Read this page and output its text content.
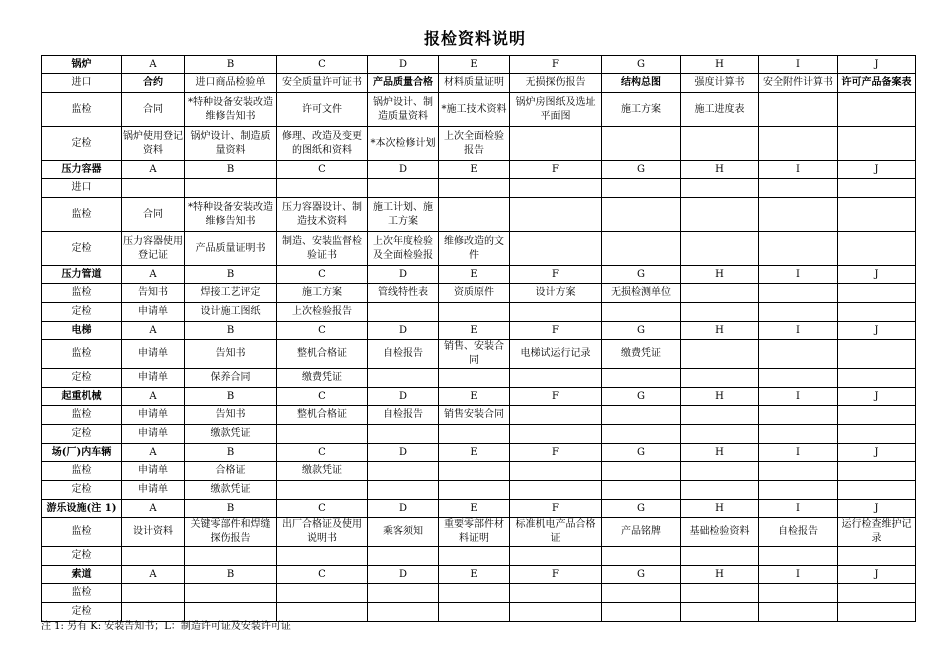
报检资料说明
锅炉	A	B	C	D	E	F	G	H	I	J
进口	合约	进口商品检验单	安全质量许可证书	产品质量合格	材料质量证明	无损探伤报告	结构总图	强度计算书	安全附件计算书	许可产品备案表

监检	合同	*特种设备安装改造维修告知书	许可文件	锅炉设计、制造质量资料	*施工技术资料	锅炉房图纸及选址平面图	施工方案	施工进度表		

定检	锅炉使用登记资料	锅炉设计、制造质量资料	修理、改造及变更的图纸和资料	*本次检修计划	上次全面检验报告					

压力容器	A	B	C	D	E	F	G	H	I	J
进口	

监检	合同	*特种设备安装改造维修告知书	压力容器设计、制造技术资料	施工计划、施工方案						

定检	压力容器使用登记证	产品质量证明书	制造、安装监督检验证书	上次年度检验及全面检验报	维修改造的文件					

压力管道	A	B	C	D	E	F	G	H	I	J
监检	告知书	焊接工艺评定	施工方案	管线特性表	资质原件	设计方案	无损检测单位			

定检	申请单	设计施工图纸	上次检验报告							

电梯	A	B	C	D	E	F	G	H	I	J
监检	申请单	告知书	整机合格证	自检报告	销售、安装合同	电梯试运行记录	缴费凭证			

定检	申请单	保养合同	缴费凭证							

起重机械	A	B	C	D	E	F	G	H	I	J
监检	申请单	告知书	整机合格证	自检报告	销售安装合同					

定检	申请单	缴款凭证								

场(厂)内车辆	A	B	C	D	E	F	G	H	I	J
监检	申请单	合格证	缴款凭证							

定检	申请单	缴款凭证								

游乐设施(注 1)	A	B	C	D	E	F	G	H	I	J
监检	设计资料	关键零部件和焊缝探伤报告	出厂合格证及使用说明书	乘客须知	重要零部件材料证明	标准机电产品合格证	产品铭牌	基础检验资料	自检报告	运行检查维护记录

定检	

索道	A	B	C	D	E	F	G	H	I	J
监检	

定检	

注 1: 另有 K: 安装告知书；L：制造许可证及安装许可证
